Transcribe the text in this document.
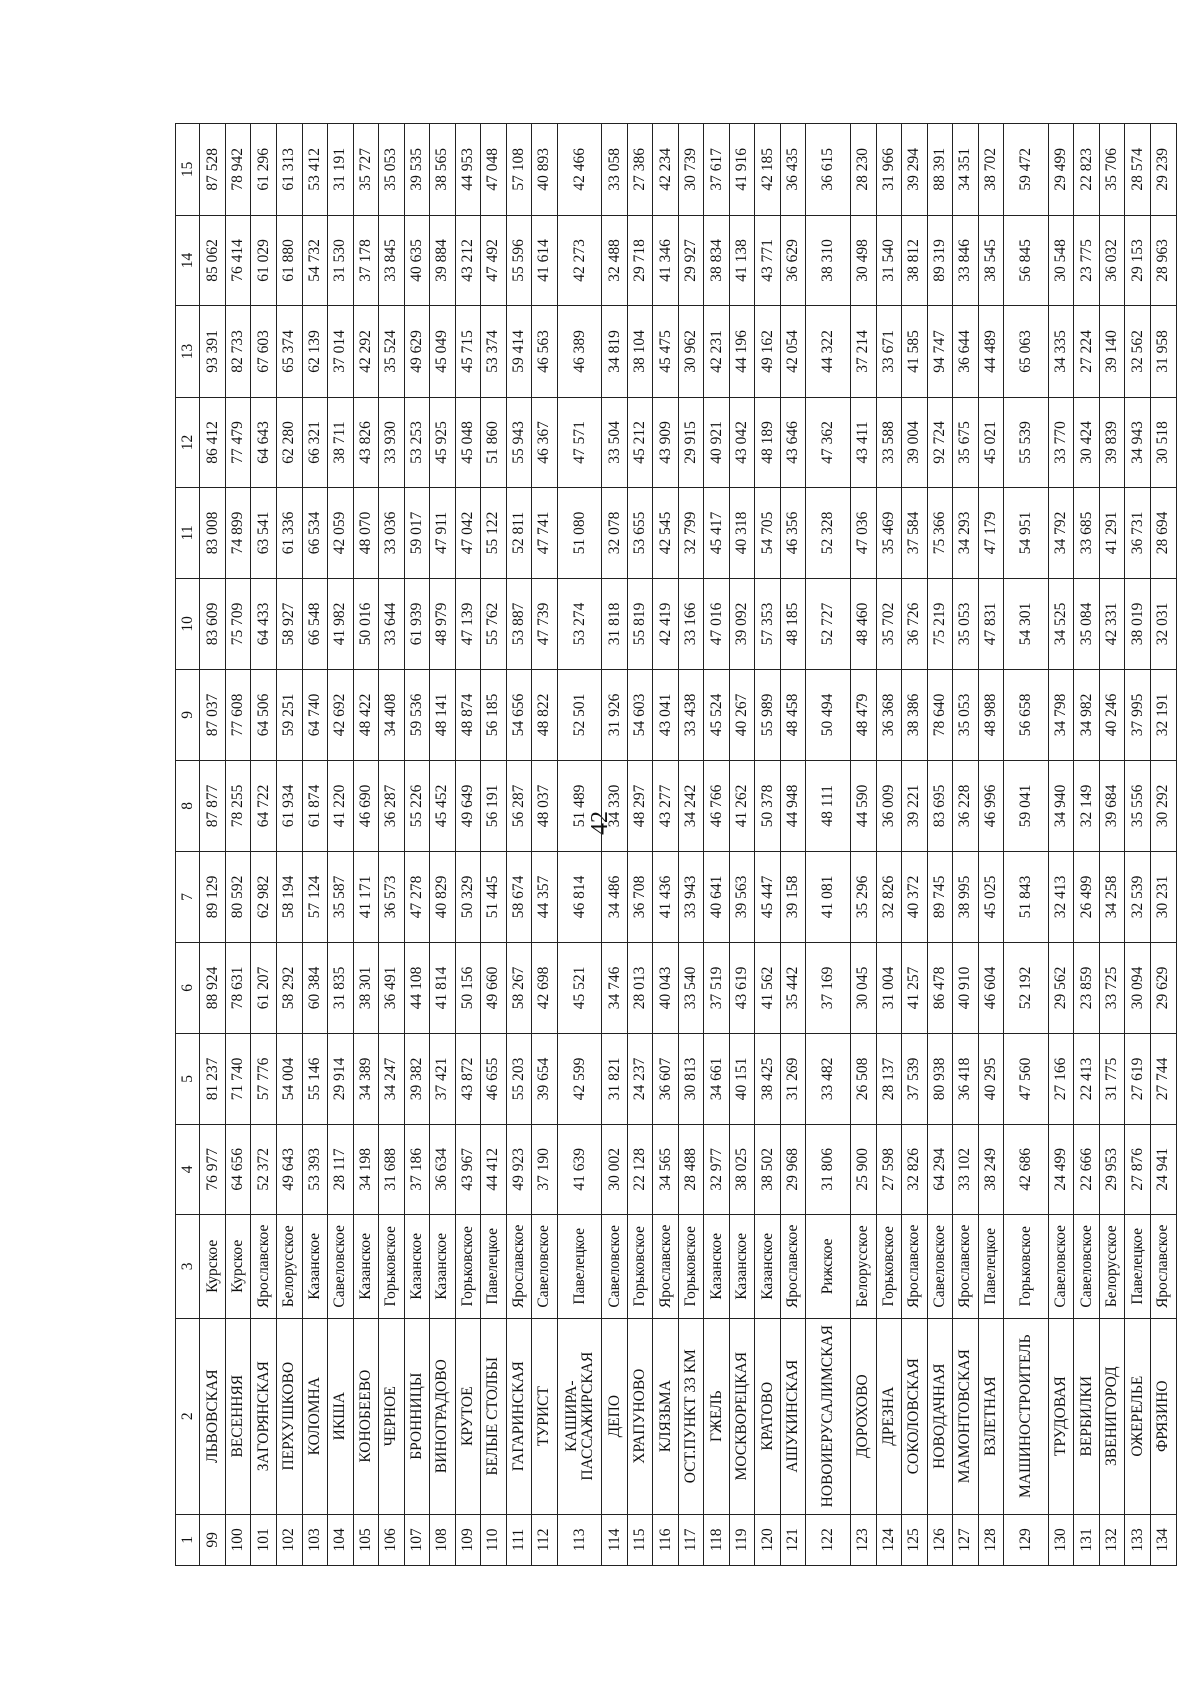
42
1	2	3	4	5	6	7	8	9	10	11	12	13	14	15
99	ЛЬВОВСКАЯ	Курское	76 977	81 237	88 924	89 129	87 877	87 037	83 609	83 008	86 412	93 391	85 062	87 528
100	ВЕСЕННЯЯ	Курское	64 656	71 740	78 631	80 592	78 255	77 608	75 709	74 899	77 479	82 733	76 414	78 942
101	ЗАГОРЯНСКАЯ	Ярославское	52 372	57 776	61 207	62 982	64 722	64 506	64 433	63 541	64 643	67 603	61 029	61 296
102	ПЕРХУШКОВО	Белорусское	49 643	54 004	58 292	58 194	61 934	59 251	58 927	61 336	62 280	65 374	61 880	61 313
103	КОЛОМНА	Казанское	53 393	55 146	60 384	57 124	61 874	64 740	66 548	66 534	66 321	62 139	54 732	53 412
104	ИКША	Савеловское	28 117	29 914	31 835	35 587	41 220	42 692	41 982	42 059	38 711	37 014	31 530	31 191
105	КОНОБЕЕВО	Казанское	34 198	34 389	38 301	41 171	46 690	48 422	50 016	48 070	43 826	42 292	37 178	35 727
106	ЧЕРНОЕ	Горьковское	31 688	34 247	36 491	36 573	36 287	34 408	33 644	33 036	33 930	35 524	33 845	35 053
107	БРОННИЦЫ	Казанское	37 186	39 382	44 108	47 278	55 226	59 536	61 939	59 017	53 253	49 629	40 635	39 535
108	ВИНОГРАДОВО	Казанское	36 634	37 421	41 814	40 829	45 452	48 141	48 979	47 911	45 925	45 049	39 884	38 565
109	КРУТОЕ	Горьковское	43 967	43 872	50 156	50 329	49 649	48 874	47 139	47 042	45 048	45 715	43 212	44 953
110	БЕЛЫЕ СТОЛБЫ	Павелецкое	44 412	46 655	49 660	51 445	56 191	56 185	55 762	55 122	51 860	53 374	47 492	47 048
111	ГАГАРИНСКАЯ	Ярославское	49 923	55 203	58 267	58 674	56 287	54 656	53 887	52 811	55 943	59 414	55 596	57 108
112	ТУРИСТ	Савеловское	37 190	39 654	42 698	44 357	48 037	48 822	47 739	47 741	46 367	46 563	41 614	40 893
113	КАШИРА-ПАССАЖИРСКАЯ	Павелецкое	41 639	42 599	45 521	46 814	51 489	52 501	53 274	51 080	47 571	46 389	42 273	42 466
114	ДЕПО	Савеловское	30 002	31 821	34 746	34 486	34 330	31 926	31 818	32 078	33 504	34 819	32 488	33 058
115	ХРАПУНОВО	Горьковское	22 128	24 237	28 013	36 708	48 297	54 603	55 819	53 655	45 212	38 104	29 718	27 386
116	КЛЯЗЬМА	Ярославское	34 565	36 607	40 043	41 436	43 277	43 041	42 419	42 545	43 909	45 475	41 346	42 234
117	ОСТ.ПУНКТ 33 КМ	Горьковское	28 488	30 813	33 540	33 943	34 242	33 438	33 166	32 799	29 915	30 962	29 927	30 739
118	ГЖЕЛЬ	Казанское	32 977	34 661	37 519	40 641	46 766	45 524	47 016	45 417	40 921	42 231	38 834	37 617
119	МОСКВОРЕЦКАЯ	Казанское	38 025	40 151	43 619	39 563	41 262	40 267	39 092	40 318	43 042	44 196	41 138	41 916
120	КРАТОВО	Казанское	38 502	38 425	41 562	45 447	50 378	55 989	57 353	54 705	48 189	49 162	43 771	42 185
121	АШУКИНСКАЯ	Ярославское	29 968	31 269	35 442	39 158	44 948	48 458	48 185	46 356	43 646	42 054	36 629	36 435
122	НОВОИЕРУСАЛИМСКАЯ	Рижское	31 806	33 482	37 169	41 081	48 111	50 494	52 727	52 328	47 362	44 322	38 310	36 615
123	ДОРОХОВО	Белорусское	25 900	26 508	30 045	35 296	44 590	48 479	48 460	47 036	43 411	37 214	30 498	28 230
124	ДРЕЗНА	Горьковское	27 598	28 137	31 004	32 826	36 009	36 368	35 702	35 469	33 588	33 671	31 540	31 966
125	СОКОЛОВСКАЯ	Ярославское	32 826	37 539	41 257	40 372	39 221	38 386	36 726	37 584	39 004	41 585	38 812	39 294
126	НОВОДАЧНАЯ	Савеловское	64 294	80 938	86 478	89 745	83 695	78 640	75 219	75 366	92 724	94 747	89 319	88 391
127	МАМОНТОВСКАЯ	Ярославское	33 102	36 418	40 910	38 995	36 228	35 053	35 053	34 293	35 675	36 644	33 846	34 351
128	ВЗЛЕТНАЯ	Павелецкое	38 249	40 295	46 604	45 025	46 996	48 988	47 831	47 179	45 021	44 489	38 545	38 702
129	МАШИНОСТРОИТЕЛЬ	Горьковское	42 686	47 560	52 192	51 843	59 041	56 658	54 301	54 951	55 539	65 063	56 845	59 472
130	ТРУДОВАЯ	Савеловское	24 499	27 166	29 562	32 413	34 940	34 798	34 525	34 792	33 770	34 335	30 548	29 499
131	ВЕРБИЛКИ	Савеловское	22 666	22 413	23 859	26 499	32 149	34 982	35 084	33 685	30 424	27 224	23 775	22 823
132	ЗВЕНИГОРОД	Белорусское	29 953	31 775	33 725	34 258	39 684	40 246	42 331	41 291	39 839	39 140	36 032	35 706
133	ОЖЕРЕЛЬЕ	Павелецкое	27 876	27 619	30 094	32 539	35 556	37 995	38 019	36 731	34 943	32 562	29 153	28 574
134	ФРЯЗИНО	Ярославское	24 941	27 744	29 629	30 231	30 292	32 191	32 031	28 694	30 518	31 958	28 963	29 239
